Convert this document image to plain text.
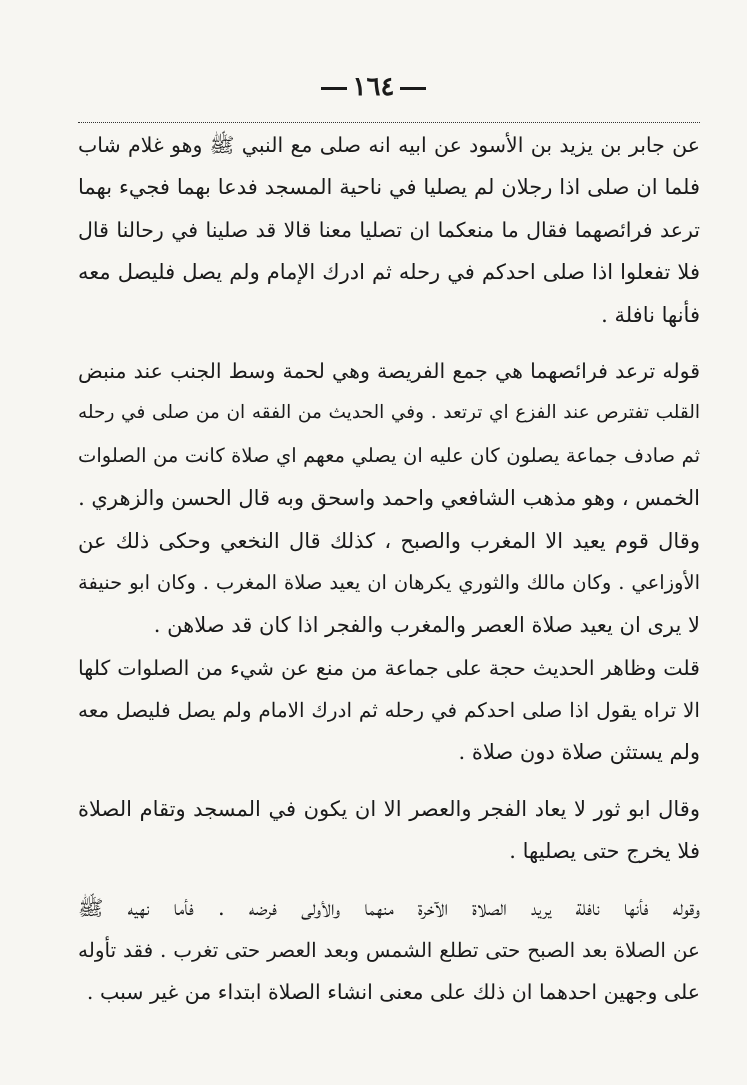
١٦٤
عن جابر بن يزيد بن الأسود عن ابيه انه صلى مع النبي ﷺ وهو غلام شاب
فلما ان صلى اذا رجلان لم يصليا في ناحية المسجد فدعا بهما فجيء بهما
ترعد فرائصهما فقال ما منعكما ان تصليا معنا قالا قد صلينا في رحالنا قال
فلا تفعلوا اذا صلى احدكم في رحله ثم ادرك الإمام ولم يصل فليصل معه
فأنها نافلة .
قوله ترعد فرائصهما هي جمع الفريصة وهي لحمة وسط الجنب عند منبض
القلب تفترص عند الفزع اي ترتعد . وفي الحديث من الفقه ان من صلى في رحله
ثم صادف جماعة يصلون كان عليه ان يصلي معهم اي صلاة كانت من الصلوات
الخمس ، وهو مذهب الشافعي واحمد واسحق وبه قال الحسن والزهري .
وقال قوم يعيد الا المغرب والصبح ، كذلك قال النخعي وحكى ذلك عن
الأوزاعي . وكان مالك والثوري يكرهان ان يعيد صلاة المغرب . وكان ابو حنيفة
لا يرى ان يعيد صلاة العصر والمغرب والفجر اذا كان قد صلاهن .
قلت وظاهر الحديث حجة على جماعة من منع عن شيء من الصلوات كلها
الا تراه يقول اذا صلى احدكم في رحله ثم ادرك الامام ولم يصل فليصل معه
ولم يستثن صلاة دون صلاة .
وقال ابو ثور لا يعاد الفجر والعصر الا ان يكون في المسجد وتقام الصلاة
فلا يخرج حتى يصليها .
وقوله فأنها نافلة يريد الصلاة الآخرة منهما والأولى فرضه . فأما نهيه ﷺ
عن الصلاة بعد الصبح حتى تطلع الشمس وبعد العصر حتى تغرب . فقد تأوله
على وجهين احدهما ان ذلك على معنى انشاء الصلاة ابتداء من غير سبب .
